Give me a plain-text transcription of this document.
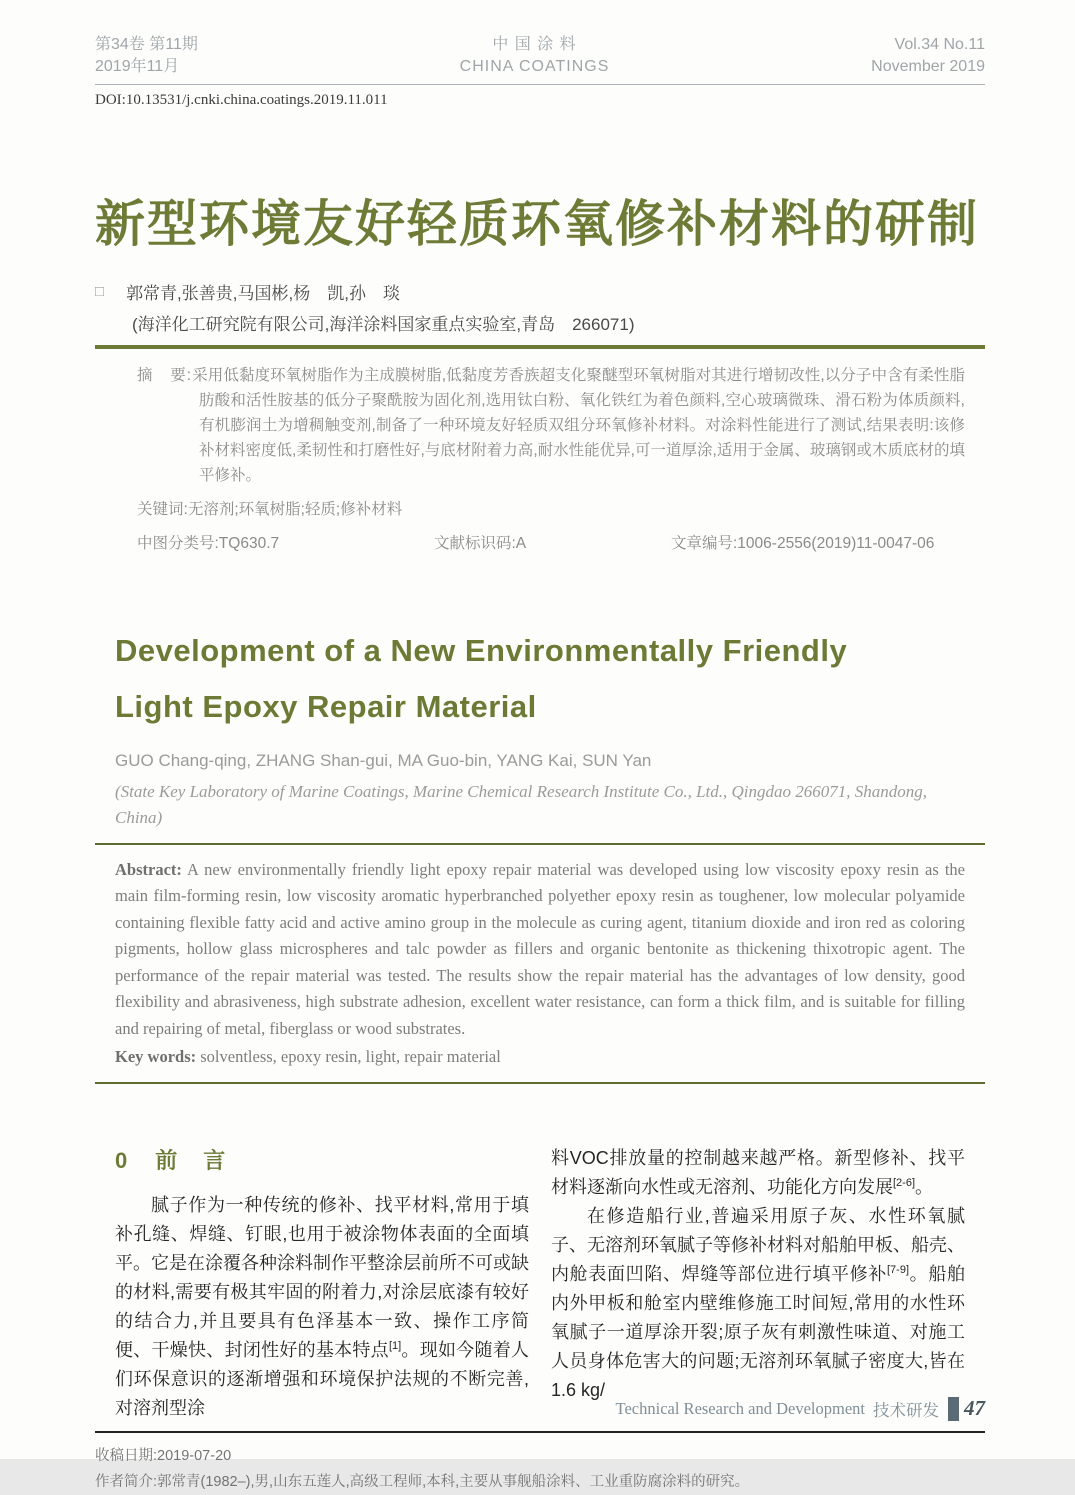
第34卷 第11期
2019年11月
中 国 涂 料
CHINA COATINGS
Vol.34 No.11
November 2019
DOI:10.13531/j.cnki.china.coatings.2019.11.011
新型环境友好轻质环氧修补材料的研制
□ 郭常青,张善贵,马国彬,杨　凯,孙　琰
(海洋化工研究院有限公司,海洋涂料国家重点实验室,青岛　266071)

摘　要:采用低黏度环氧树脂作为主成膜树脂,低黏度芳香族超支化聚醚型环氧树脂对其进行增韧改性,以分子中含有柔性脂肪酸和活性胺基的低分子聚酰胺为固化剂,选用钛白粉、氧化铁红为着色颜料,空心玻璃微珠、滑石粉为体质颜料,有机膨润土为增稠触变剂,制备了一种环境友好轻质双组分环氧修补材料。对涂料性能进行了测试,结果表明:该修补材料密度低,柔韧性和打磨性好,与底材附着力高,耐水性能优异,可一道厚涂,适用于金属、玻璃钢或木质底材的填平修补。

关键词:无溶剂;环氧树脂;轻质;修补材料

中图分类号:TQ630.7	文献标识码:A	文章编号:1006-2556(2019)11-0047-06
Development of a New Environmentally Friendly Light Epoxy Repair Material
GUO Chang-qing, ZHANG Shan-gui, MA Guo-bin, YANG Kai, SUN Yan
(State Key Laboratory of Marine Coatings, Marine Chemical Research Institute Co., Ltd., Qingdao 266071, Shandong, China)

Abstract: A new environmentally friendly light epoxy repair material was developed using low viscosity epoxy resin as the main film-forming resin, low viscosity aromatic hyperbranched polyether epoxy resin as toughener, low molecular polyamide containing flexible fatty acid and active amino group in the molecule as curing agent, titanium dioxide and iron red as coloring pigments, hollow glass microspheres and talc powder as fillers and organic bentonite as thickening thixotropic agent. The performance of the repair material was tested. The results show the repair material has the advantages of low density, good flexibility and abrasiveness, high substrate adhesion, excellent water resistance, can form a thick film, and is suitable for filling and repairing of metal, fiberglass or wood substrates.

Key words: solventless, epoxy resin, light, repair material

0 前　言

腻子作为一种传统的修补、找平材料,常用于填补孔缝、焊缝、钉眼,也用于被涂物体表面的全面填平。它是在涂覆各种涂料制作平整涂层前所不可或缺的材料,需要有极其牢固的附着力,对涂层底漆有较好的结合力,并且要具有色泽基本一致、操作工序简便、干燥快、封闭性好的基本特点[1]。现如今随着人们环保意识的逐渐增强和环境保护法规的不断完善,对溶剂型涂

料VOC排放量的控制越来越严格。新型修补、找平材料逐渐向水性或无溶剂、功能化方向发展[2-6]。

在修造船行业,普遍采用原子灰、水性环氧腻子、无溶剂环氧腻子等修补材料对船舶甲板、船壳、内舱表面凹陷、焊缝等部位进行填平修补[7-9]。船舶内外甲板和舱室内壁维修施工时间短,常用的水性环氧腻子一道厚涂开裂;原子灰有刺激性味道、对施工人员身体危害大的问题;无溶剂环氧腻子密度大,皆在1.6 kg/

收稿日期:2019-07-20
作者简介:郭常青(1982–),男,山东五莲人,高级工程师,本科,主要从事舰船涂料、工业重防腐涂料的研究。
Technical Research and Development 技术研发 47
